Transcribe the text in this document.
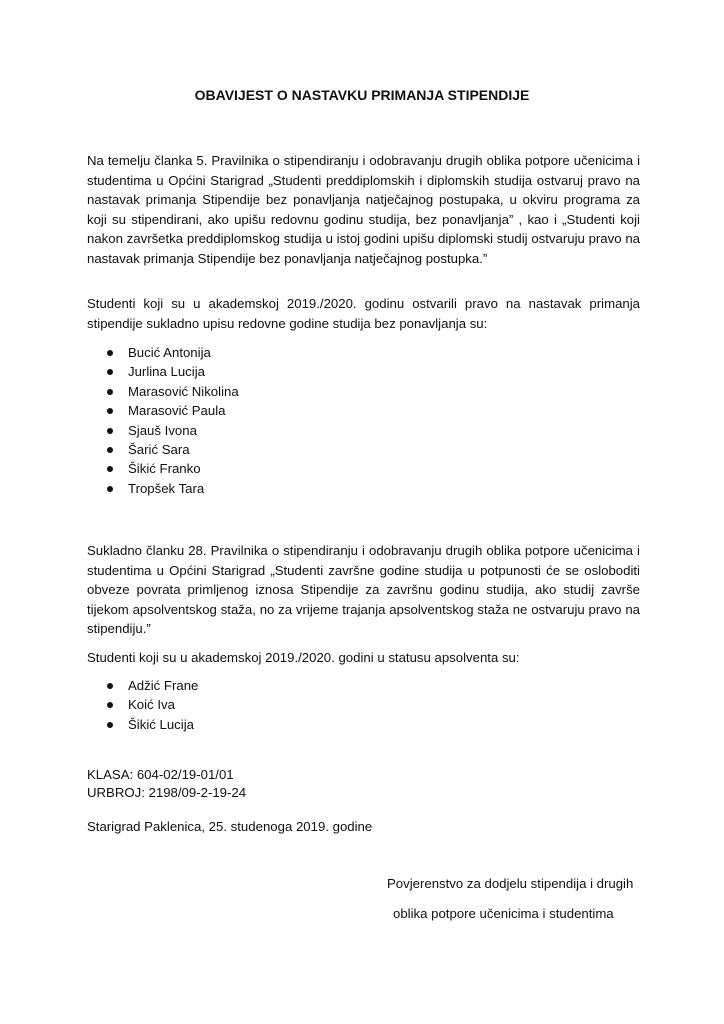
OBAVIJEST O NASTAVKU PRIMANJA STIPENDIJE

Na temelju članka 5. Pravilnika o stipendiranju i odobravanju drugih oblika potpore učenicima i studentima u Općini Starigrad „Studenti preddiplomskih i diplomskih studija ostvaruj pravo na nastavak primanja Stipendije bez ponavljanja natječajnog postupaka, u okviru programa za koji su stipendirani, ako upišu redovnu godinu studija, bez ponavljanja” , kao i „Studenti koji nakon završetka preddiplomskog studija u istoj godini upišu diplomski studij ostvaruju pravo na nastavak primanja Stipendije bez ponavljanja natječajnog postupka.”

Studenti koji su u akademskoj 2019./2020. godinu ostvarili pravo na nastavak primanja stipendije sukladno upisu redovne godine studija bez ponavljanja su:

Bucić Antonija
Jurlina Lucija
Marasović Nikolina
Marasović Paula
Sjauš Ivona
Šarić Sara
Šikić Franko
Tropšek Tara

Sukladno članku 28. Pravilnika o stipendiranju i odobravanju drugih oblika potpore učenicima i studentima u Općini Starigrad „Studenti završne godine studija u potpunosti će se osloboditi obveze povrata primljenog iznosa Stipendije za završnu godinu studija, ako studij završe tijekom apsolventskog staža, no za vrijeme trajanja apsolventskog staža ne ostvaruju pravo na stipendiju.”

Studenti koji su u akademskoj 2019./2020. godini u statusu apsolventa su:

Adžić Frane
Koić Iva
Šikić Lucija

KLASA: 604-02/19-01/01

URBROJ: 2198/09-2-19-24

Starigrad Paklenica, 25. studenoga 2019. godine

Povjerenstvo za dodjelu stipendija i drugih

oblika potpore učenicima i studentima
